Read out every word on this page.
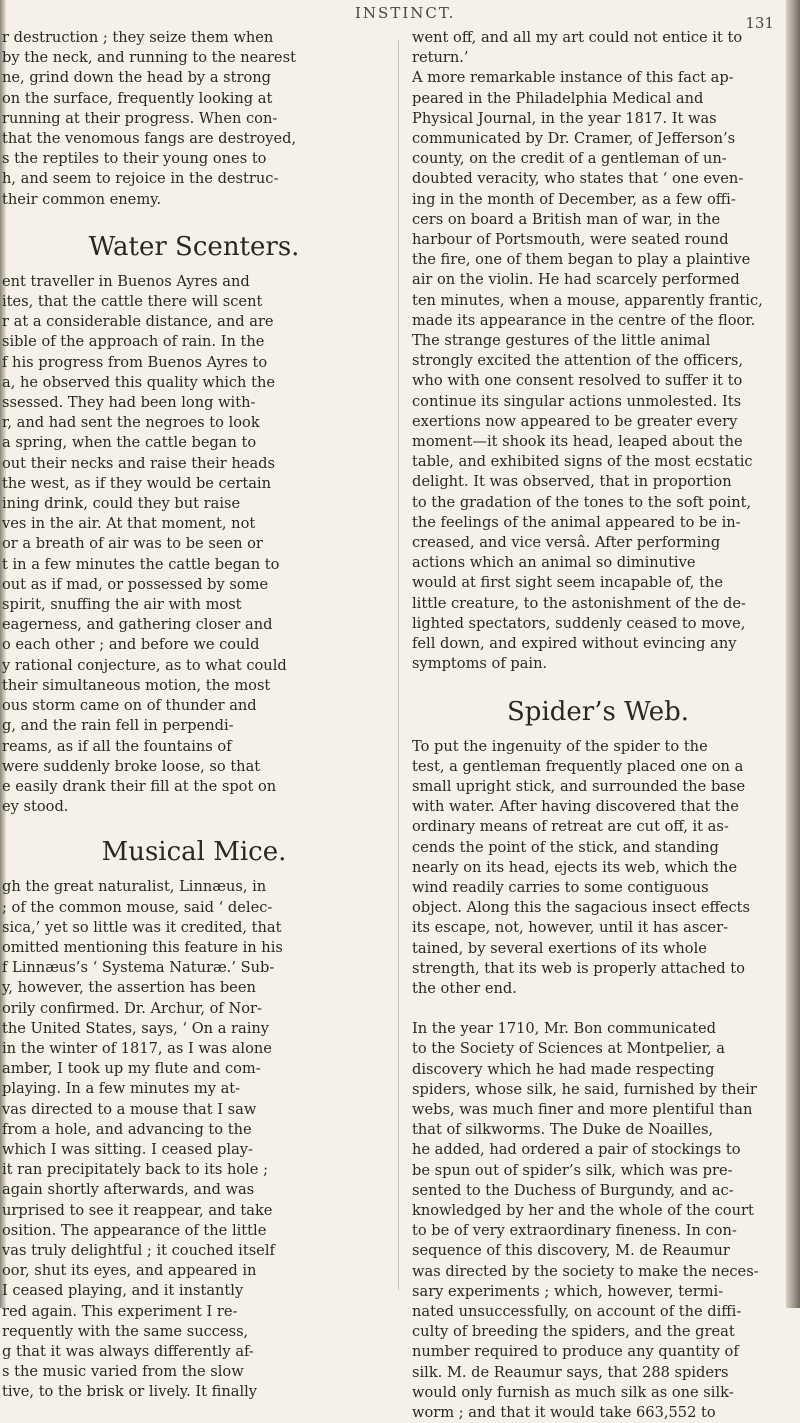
INSTINCT.
131
r destruction ; they seize them when
by the neck, and running to the nearest
ne, grind down the head by a strong
on the surface, frequently looking at
running at their progress. When con-
that the venomous fangs are destroyed,
s the reptiles to their young ones to
h, and seem to rejoice in the destruc-
their common enemy.
Water Scenters.
ent traveller in Buenos Ayres and
ites, that the cattle there will scent
r at a considerable distance, and are
sible of the approach of rain. In the
f his progress from Buenos Ayres to
a, he observed this quality which the
ssessed. They had been long with-
r, and had sent the negroes to look
a spring, when the cattle began to
out their necks and raise their heads
the west, as if they would be certain
ining drink, could they but raise
ves in the air. At that moment, not
or a breath of air was to be seen or
t in a few minutes the cattle began to
out as if mad, or possessed by some
spirit, snuffing the air with most
eagerness, and gathering closer and
o each other ; and before we could
y rational conjecture, as to what could
their simultaneous motion, the most
ous storm came on of thunder and
g, and the rain fell in perpendi-
reams, as if all the fountains of
were suddenly broke loose, so that
e easily drank their fill at the spot on
ey stood.
Musical Mice.
gh the great naturalist, Linnæus, in
; of the common mouse, said ‘ delec-
sica,’ yet so little was it credited, that
omitted mentioning this feature in his
f Linnæus’s ‘ Systema Naturæ.’ Sub-
y, however, the assertion has been
orily confirmed. Dr. Archur, of Nor-
the United States, says, ‘ On a rainy
in the winter of 1817, as I was alone
amber, I took up my flute and com-
playing. In a few minutes my at-
vas directed to a mouse that I saw
from a hole, and advancing to the
which I was sitting. I ceased play-
it ran precipitately back to its hole ;
again shortly afterwards, and was
urprised to see it reappear, and take
osition. The appearance of the little
vas truly delightful ; it couched itself
oor, shut its eyes, and appeared in
I ceased playing, and it instantly
red again. This experiment I re-
requently with the same success,
g that it was always differently af-
s the music varied from the slow
tive, to the brisk or lively. It finally
went off, and all my art could not entice it to
return.’
A more remarkable instance of this fact ap-
peared in the Philadelphia Medical and
Physical Journal, in the year 1817. It was
communicated by Dr. Cramer, of Jefferson’s
county, on the credit of a gentleman of un-
doubted veracity, who states that ‘ one even-
ing in the month of December, as a few offi-
cers on board a British man of war, in the
harbour of Portsmouth, were seated round
the fire, one of them began to play a plaintive
air on the violin. He had scarcely performed
ten minutes, when a mouse, apparently frantic,
made its appearance in the centre of the floor.
The strange gestures of the little animal
strongly excited the attention of the officers,
who with one consent resolved to suffer it to
continue its singular actions unmolested. Its
exertions now appeared to be greater every
moment—it shook its head, leaped about the
table, and exhibited signs of the most ecstatic
delight. It was observed, that in proportion
to the gradation of the tones to the soft point,
the feelings of the animal appeared to be in-
creased, and vice versâ. After performing
actions which an animal so diminutive
would at first sight seem incapable of, the
little creature, to the astonishment of the de-
lighted spectators, suddenly ceased to move,
fell down, and expired without evincing any
symptoms of pain.
Spider’s Web.
To put the ingenuity of the spider to the
test, a gentleman frequently placed one on a
small upright stick, and surrounded the base
with water. After having discovered that the
ordinary means of retreat are cut off, it as-
cends the point of the stick, and standing
nearly on its head, ejects its web, which the
wind readily carries to some contiguous
object. Along this the sagacious insect effects
its escape, not, however, until it has ascer-
tained, by several exertions of its whole
strength, that its web is properly attached to
the other end.
In the year 1710, Mr. Bon communicated
to the Society of Sciences at Montpelier, a
discovery which he had made respecting
spiders, whose silk, he said, furnished by their
webs, was much finer and more plentiful than
that of silkworms. The Duke de Noailles,
he added, had ordered a pair of stockings to
be spun out of spider’s silk, which was pre-
sented to the Duchess of Burgundy, and ac-
knowledged by her and the whole of the court
to be of very extraordinary fineness. In con-
sequence of this discovery, M. de Reaumur
was directed by the society to make the neces-
sary experiments ; which, however, termi-
nated unsuccessfully, on account of the diffi-
culty of breeding the spiders, and the great
number required to produce any quantity of
silk. M. de Reaumur says, that 288 spiders
would only furnish as much silk as one silk-
worm ; and that it would take 663,552 to
